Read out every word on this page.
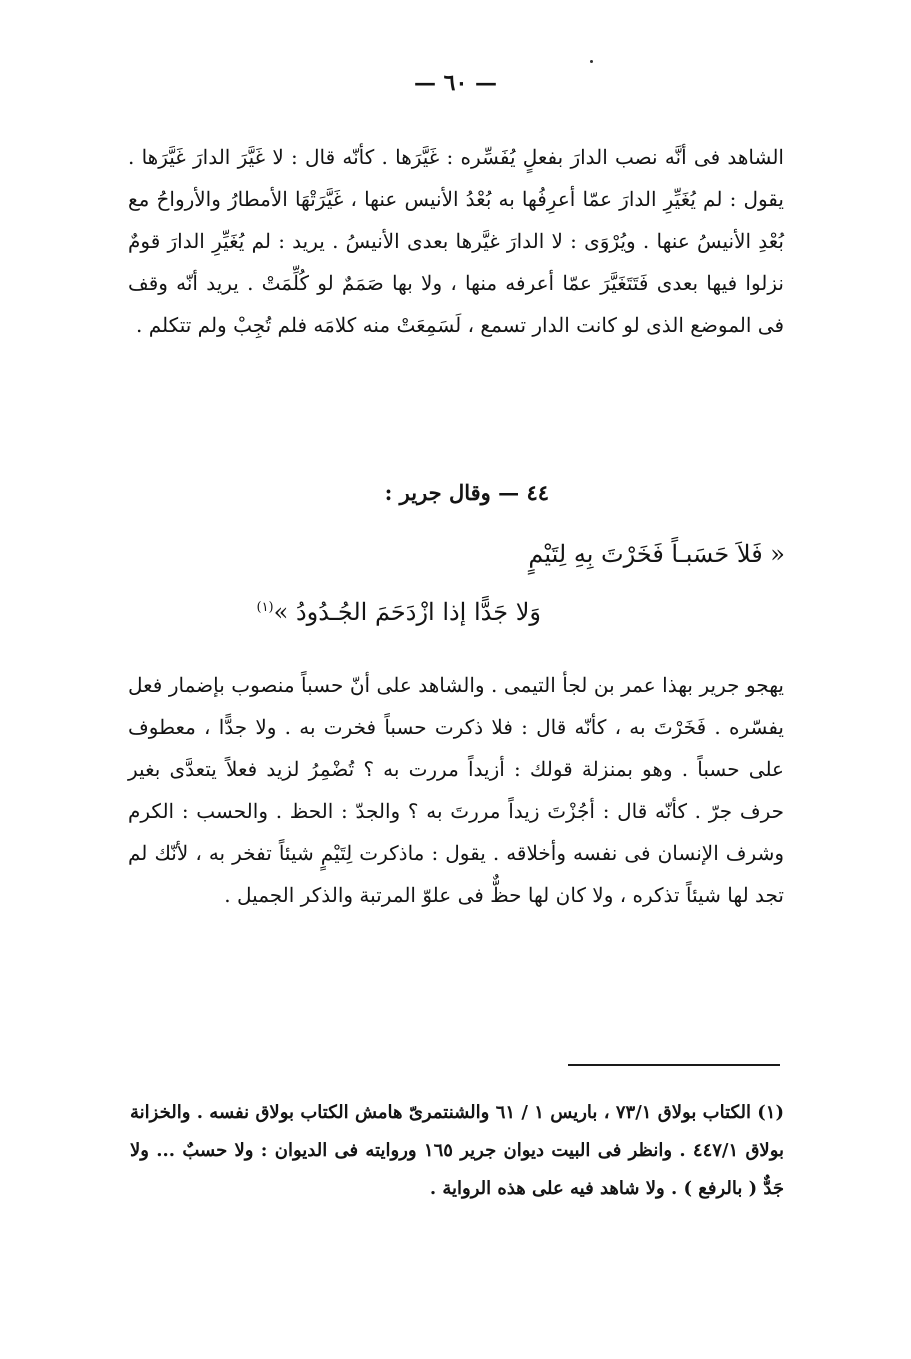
— ٦٠ —

الشاهد فى أنَّه نصب الدارَ بفعلٍ يُفَسِّره : غَيَّرَها . كأنّه قال : لا غَيَّرَ الدارَ غَيَّرَها . يقول : لم يُغَيِّرِ الدارَ عمّا أعرِفُها به بُعْدُ الأنيس عنها ، غَيَّرَتْهَا الأمطارُ والأرواحُ مع بُعْدِ الأنيسُ عنها . ويُرْوَى : لا الدارَ غيَّرها بعدى الأنيسُ . يريد : لم يُغَيِّرِ الدارَ قومٌ نزلوا فيها بعدى فَتَتَغَيَّرَ عمّا أعرفه منها ، ولا بها صَمَمٌ لو كُلِّمَتْ . يريد أنّه وقف فى الموضع الذى لو كانت الدار تسمع ، لَسَمِعَتْ منه كلامَه فلم تُجِبْ ولم تتكلم .

٤٤ — وقال جرير :
« فَلاَ حَسَبـاً فَخَرْتَ بِهِ لِتَيْمٍ
وَلا جَدًّا إذا ازْدَحَمَ الجُـدُودُ »$^{(١)}$

يهجو جرير بهذا عمر بن لجأ التيمى . والشاهد على أنّ حسباً منصوب بإضمار فعل يفسّره . فَخَرْتَ به ، كأنّه قال : فلا ذكرت حسباً فخرت به . ولا جدًّا ، معطوف على حسباً . وهو بمنزلة قولك : أزيداً مررت به ؟ تُضْمِرُ لزيد فعلاً يتعدَّى بغير حرف جرّ . كأنّه قال : أجُزْتَ زيداً مررتَ به ؟ والجدّ : الحظ . والحسب : الكرم وشرف الإنسان فى نفسه وأخلاقه . يقول : ماذكرت لِتَيْمٍ شيئاً تفخر به ، لأنّك لم تجد لها شيئاً تذكره ، ولا كان لها حظٌّ فى علوّ المرتبة والذكر الجميل .

(١) الكتاب بولاق ٧٣/١ ، باريس ١ / ٦١ والشنتمرىّ هامش الكتاب بولاق نفسه . والخزانة بولاق ٤٤٧/١ . وانظر فى البيت ديوان جرير ١٦٥ وروايته فى الديوان : ولا حسبٌ ... ولا جَدٌّ ( بالرفع ) . ولا شاهد فيه على هذه الرواية .
